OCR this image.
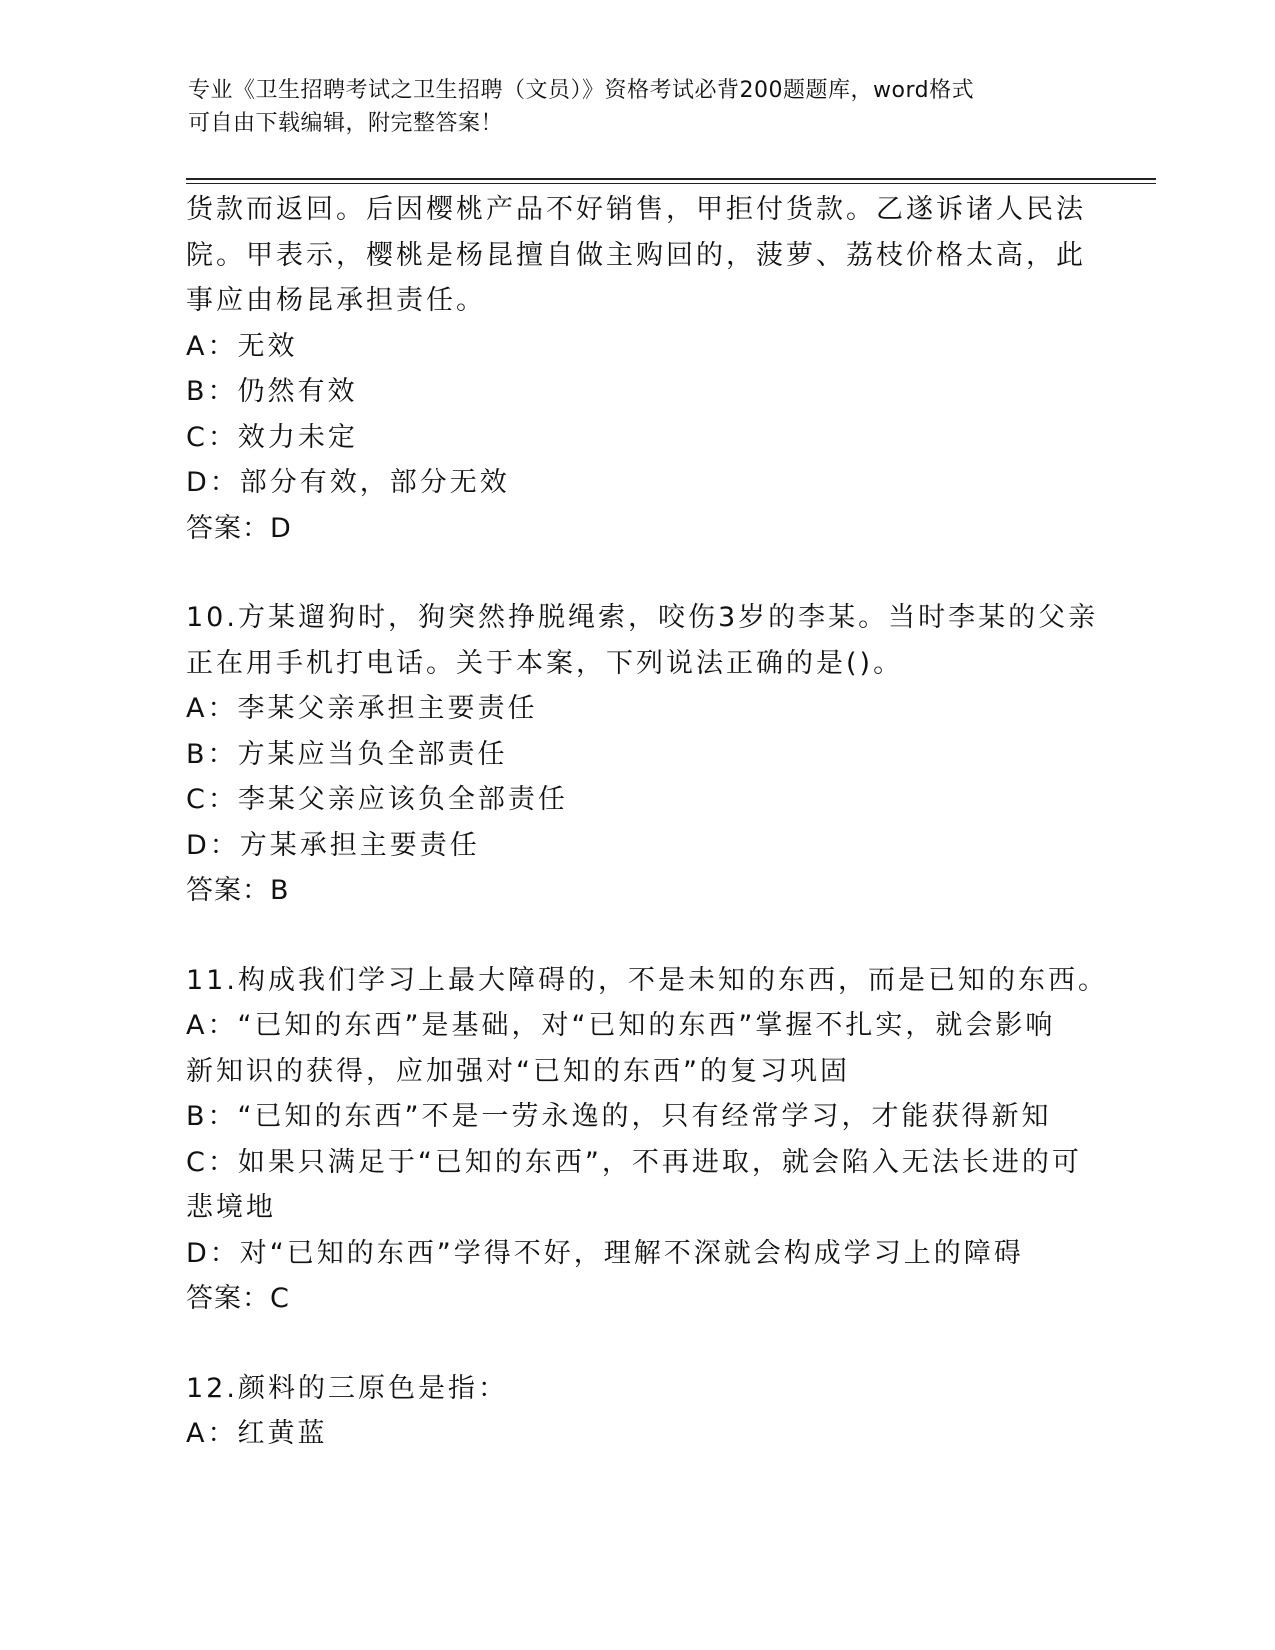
专业《卫生招聘考试之卫生招聘（文员）》资格考试必背200题题库，word格式
可自由下载编辑，附完整答案！
货款而返回。后因樱桃产品不好销售，甲拒付货款。乙遂诉诸人民法
院。甲表示，樱桃是杨昆擅自做主购回的，菠萝、荔枝价格太高，此
事应由杨昆承担责任。
A：无效
B：仍然有效
C：效力未定
D：部分有效，部分无效
答案：D
10.方某遛狗时，狗突然挣脱绳索，咬伤3岁的李某。当时李某的父亲
正在用手机打电话。关于本案，下列说法正确的是()。
A：李某父亲承担主要责任
B：方某应当负全部责任
C：李某父亲应该负全部责任
D：方某承担主要责任
答案：B
11.构成我们学习上最大障碍的，不是未知的东西，而是已知的东西。
A：“已知的东西”是基础，对“已知的东西”掌握不扎实，就会影响
新知识的获得，应加强对“已知的东西”的复习巩固
B：“已知的东西”不是一劳永逸的，只有经常学习，才能获得新知
C：如果只满足于“已知的东西”，不再进取，就会陷入无法长进的可
悲境地
D：对“已知的东西”学得不好，理解不深就会构成学习上的障碍
答案：C
12.颜料的三原色是指：
A：红黄蓝
